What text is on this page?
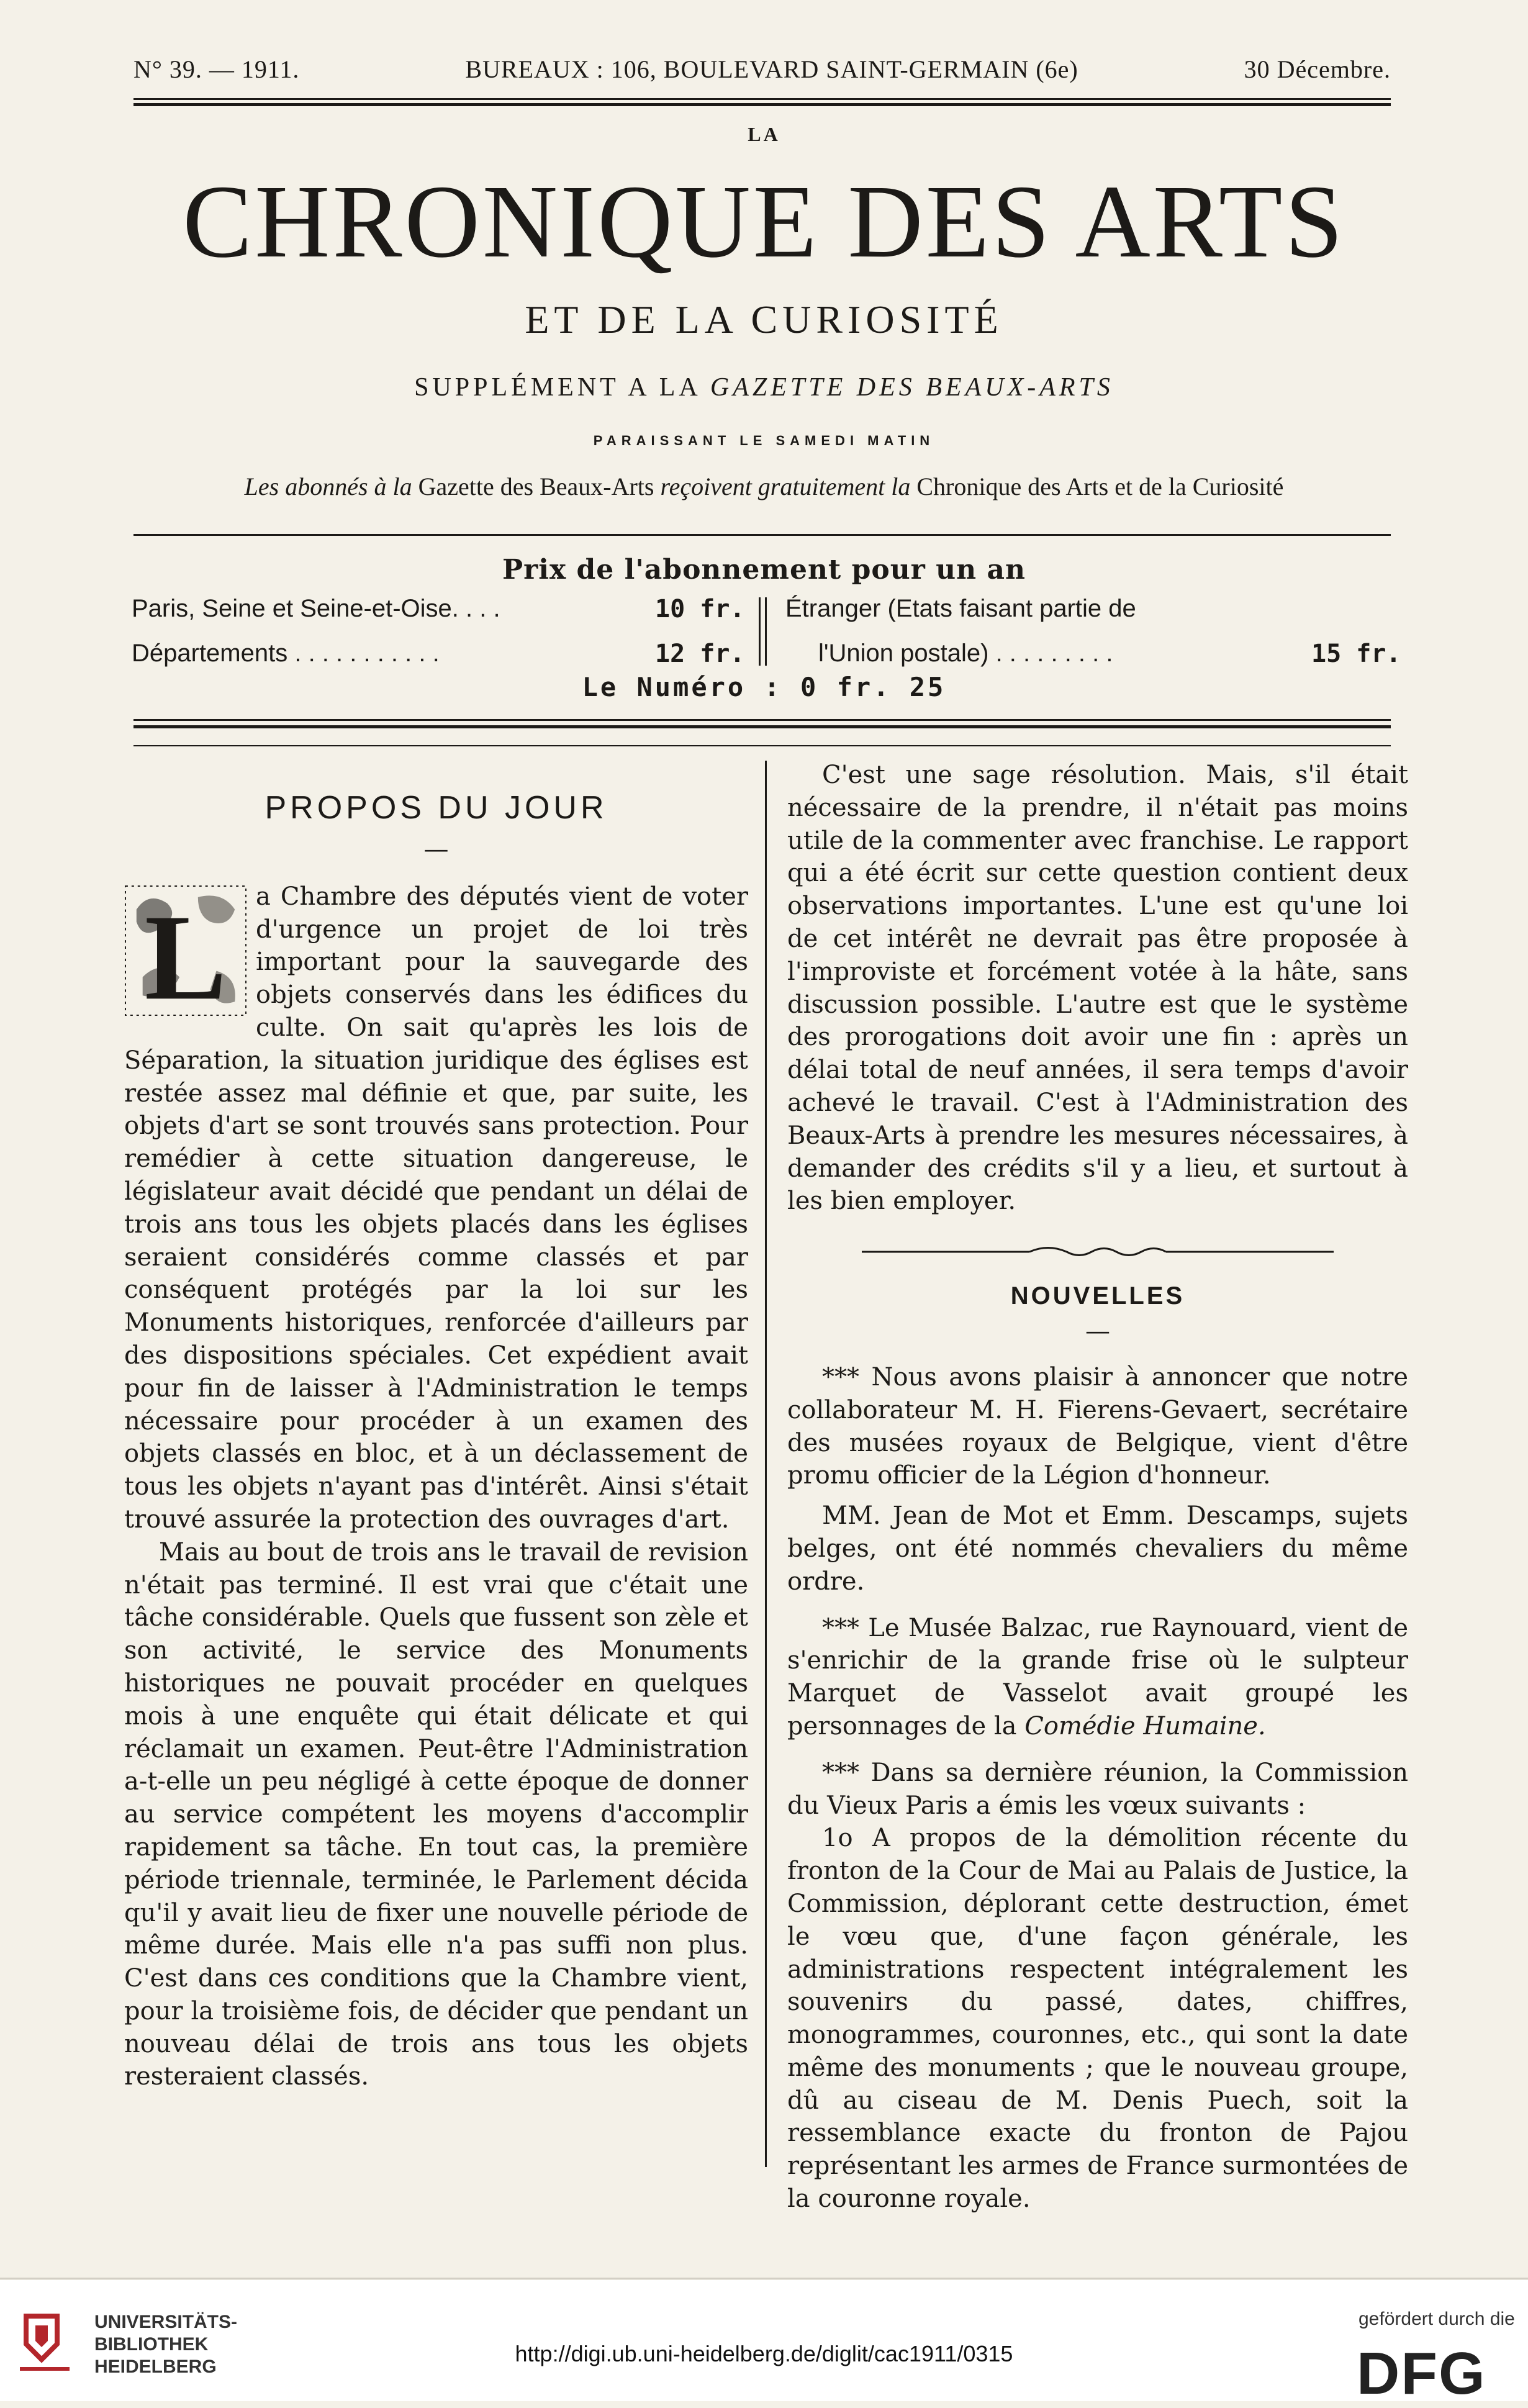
N° 39. — 1911.	BUREAUX : 106, BOULEVARD SAINT-GERMAIN (6e)	30 Décembre.
LA
CHRONIQUE DES ARTS
ET DE LA CURIOSITÉ
SUPPLÉMENT A LA GAZETTE DES BEAUX-ARTS
PARAISSANT LE SAMEDI MATIN
Les abonnés à la Gazette des Beaux-Arts reçoivent gratuitement la Chronique des Arts et de la Curiosité
Prix de l'abonnement pour un an
Paris, Seine et Seine-et-Oise. . . .	10 fr.
Départements . . . . . . . . . . .	12 fr.
Étranger (Etats faisant partie de
l'Union postale) . . . . . . . . .	15 fr.
Le Numéro : 0 fr. 25
PROPOS DU JOUR
—

L a Chambre des députés vient de voter d'urgence un projet de loi très important pour la sauvegarde des objets conservés dans les édifices du culte. On sait qu'après les lois de Séparation, la situation juridique des églises est restée assez mal définie et que, par suite, les objets d'art se sont trouvés sans protection. Pour remédier à cette situation dangereuse, le législateur avait décidé que pendant un délai de trois ans tous les objets placés dans les églises seraient considérés comme classés et par conséquent protégés par la loi sur les Monuments historiques, renforcée d'ailleurs par des dispositions spéciales. Cet expédient avait pour fin de laisser à l'Administration le temps nécessaire pour procéder à un examen des objets classés en bloc, et à un déclassement de tous les objets n'ayant pas d'intérêt. Ainsi s'était trouvé assurée la protection des ouvrages d'art.

Mais au bout de trois ans le travail de revision n'était pas terminé. Il est vrai que c'était une tâche considérable. Quels que fussent son zèle et son activité, le service des Monuments historiques ne pouvait procéder en quelques mois à une enquête qui était délicate et qui réclamait un examen. Peut-être l'Administration a-t-elle un peu négligé à cette époque de donner au service compétent les moyens d'accomplir rapidement sa tâche. En tout cas, la première période triennale, terminée, le Parlement décida qu'il y avait lieu de fixer une nouvelle période de même durée. Mais elle n'a pas suffi non plus. C'est dans ces conditions que la Chambre vient, pour la troisième fois, de décider que pendant un nouveau délai de trois ans tous les objets resteraient classés.

C'est une sage résolution. Mais, s'il était nécessaire de la prendre, il n'était pas moins utile de la commenter avec franchise. Le rapport qui a été écrit sur cette question contient deux observations importantes. L'une est qu'une loi de cet intérêt ne devrait pas être proposée à l'improviste et forcément votée à la hâte, sans discussion possible. L'autre est que le système des prorogations doit avoir une fin : après un délai total de neuf années, il sera temps d'avoir achevé le travail. C'est à l'Administration des Beaux-Arts à prendre les mesures nécessaires, à demander des crédits s'il y a lieu, et surtout à les bien employer.

NOUVELLES
—

*** Nous avons plaisir à annoncer que notre collaborateur M. H. Fierens-Gevaert, secrétaire des musées royaux de Belgique, vient d'être promu officier de la Légion d'honneur.

MM. Jean de Mot et Emm. Descamps, sujets belges, ont été nommés chevaliers du même ordre.

*** Le Musée Balzac, rue Raynouard, vient de s'enrichir de la grande frise où le sulpteur Marquet de Vasselot avait groupé les personnages de la Comédie Humaine.

*** Dans sa dernière réunion, la Commission du Vieux Paris a émis les vœux suivants :

1o A propos de la démolition récente du fronton de la Cour de Mai au Palais de Justice, la Commission, déplorant cette destruction, émet le vœu que, d'une façon générale, les administrations respectent intégralement les souvenirs du passé, dates, chiffres, monogrammes, couronnes, etc., qui sont la date même des monuments ; que le nouveau groupe, dû au ciseau de M. Denis Puech, soit la ressemblance exacte du fronton de Pajou représentant les armes de France surmontées de la couronne royale.

UNIVERSITÄTS-
BIBLIOTHEK
HEIDELBERG
http://digi.ub.uni-heidelberg.de/diglit/cac1911/0315
gefördert durch die
DFG
